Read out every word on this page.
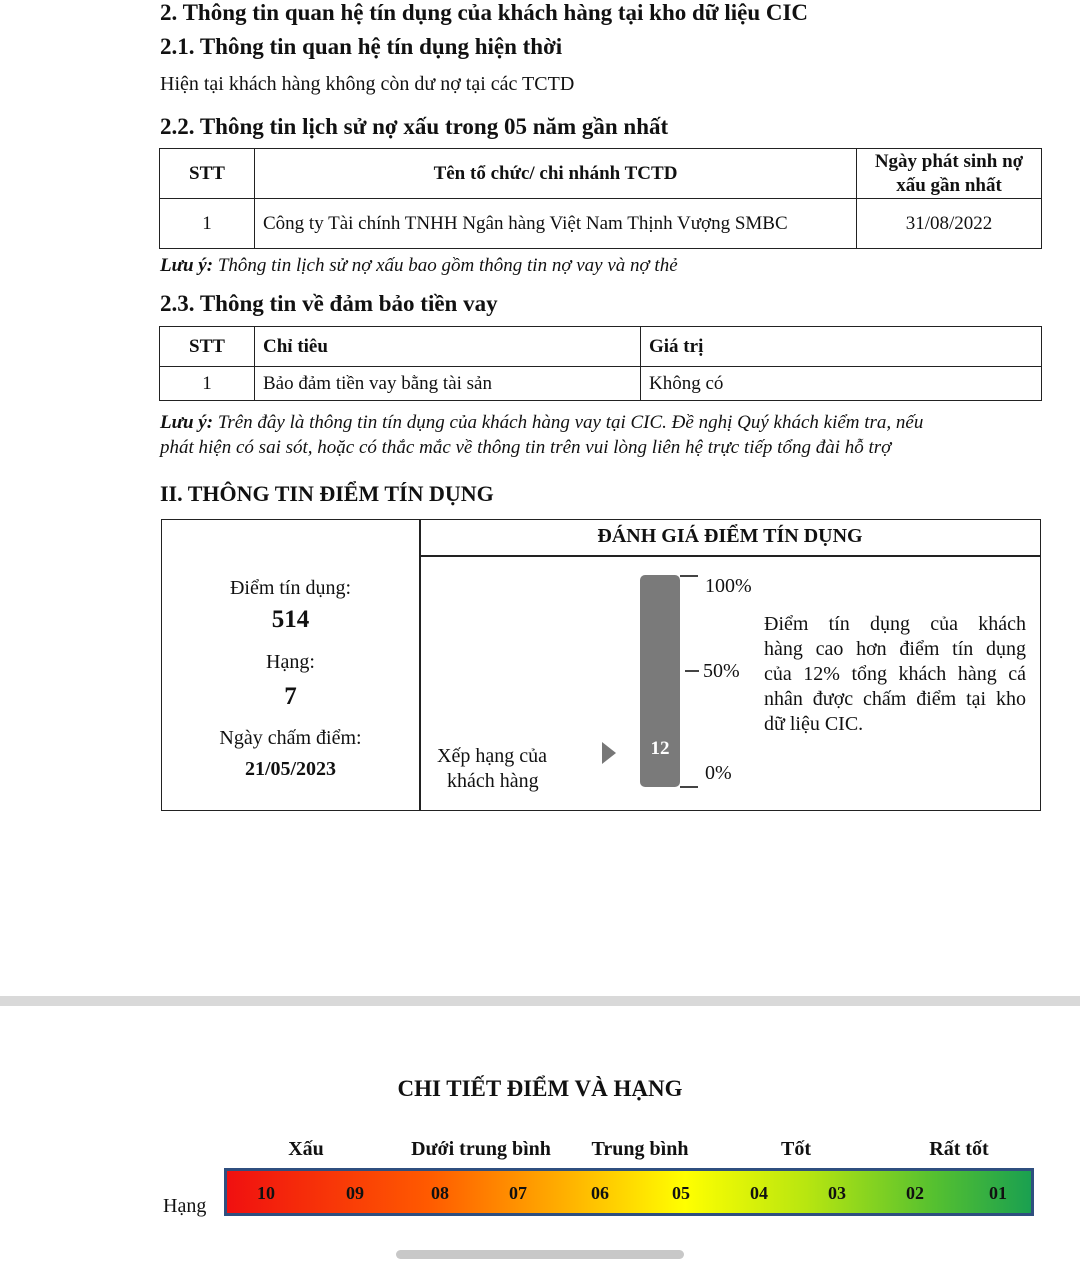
2. Thông tin quan hệ tín dụng của khách hàng tại kho dữ liệu CIC
2.1. Thông tin quan hệ tín dụng hiện thời
Hiện tại khách hàng không còn dư nợ tại các TCTD
2.2. Thông tin lịch sử nợ xấu trong 05 năm gần nhất
STT	Tên tổ chức/ chi nhánh TCTD	Ngày phát sinh nợ xấu gần nhất
1	Công ty Tài chính TNHH Ngân hàng Việt Nam Thịnh Vượng SMBC	31/08/2022
Lưu ý: Thông tin lịch sử nợ xấu bao gồm thông tin nợ vay và nợ thẻ
2.3. Thông tin về đảm bảo tiền vay
STT	Chỉ tiêu	Giá trị
1	Bảo đảm tiền vay bằng tài sản	Không có
Lưu ý: Trên đây là thông tin tín dụng của khách hàng vay tại CIC. Đề nghị Quý khách kiểm tra, nếu
phát hiện có sai sót, hoặc có thắc mắc về thông tin trên vui lòng liên hệ trực tiếp tổng đài hỗ trợ
II. THÔNG TIN ĐIỂM TÍN DỤNG
ĐÁNH GIÁ ĐIỂM TÍN DỤNG
Điểm tín dụng:
514
Hạng:
7
Ngày chấm điểm:
21/05/2023
Xếp hạng của
khách hàng
12
100%
50%
0%
Điểm tín dụng của khách
hàng cao hơn điểm tín dụng
của 12% tổng khách hàng cá
nhân được chấm điểm tại kho
dữ liệu CIC.
CHI TIẾT ĐIỂM VÀ HẠNG
Xấu	Dưới trung bình Trung bình	Tốt	Rất tốt
Hạng
10	09	08	07	06	05	04	03	02	01
